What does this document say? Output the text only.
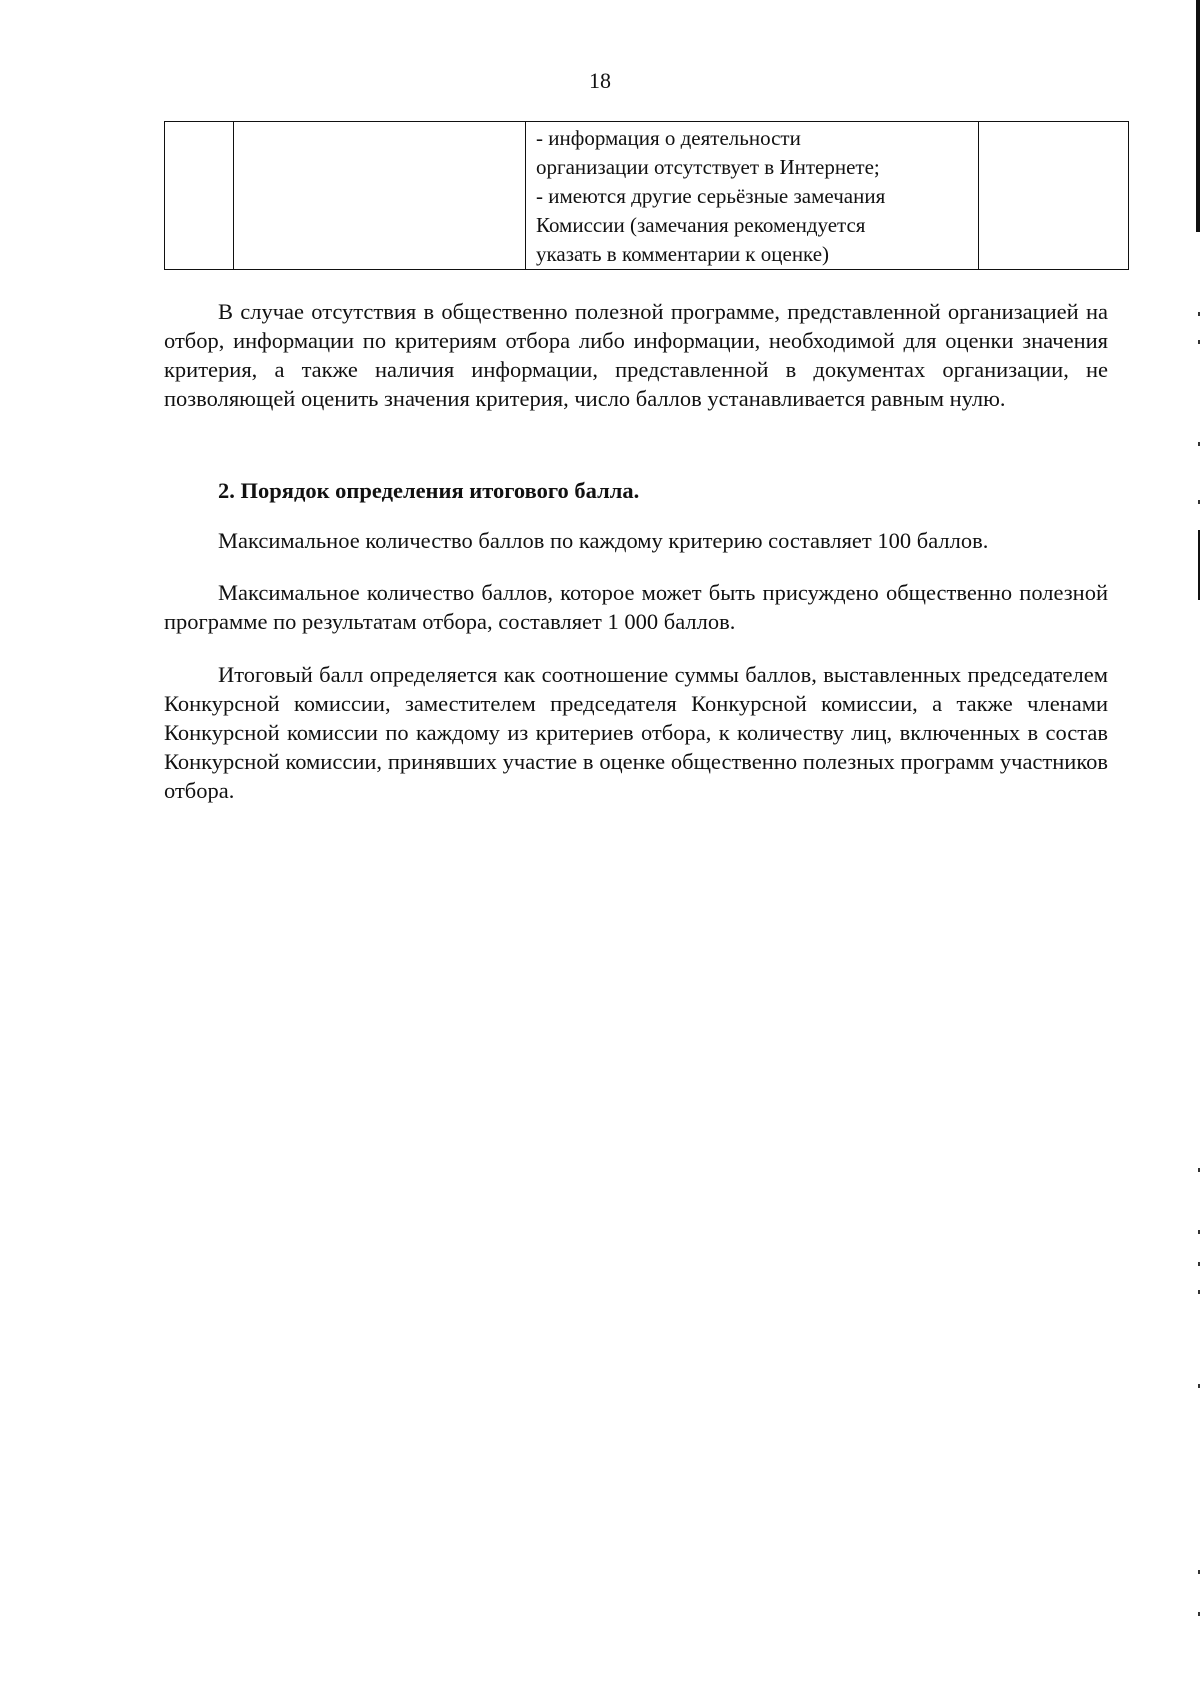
18

- информация о деятельности
организации отсутствует в Интернете;
- имеются другие серьёзные замечания
Комиссии (замечания рекомендуется
указать в комментарии к оценке)

В случае отсутствия в общественно полезной программе, представленной организацией на отбор, информации по критериям отбора либо информации, необходимой для оценки значения критерия, а также наличия информации, представленной в документах организации, не позволяющей оценить значения критерия, число баллов устанавливается равным нулю.

2. Порядок определения итогового балла.

Максимальное количество баллов по каждому критерию составляет 100 баллов.

Максимальное количество баллов, которое может быть присуждено общественно полезной программе по результатам отбора, составляет 1 000 баллов.

Итоговый балл определяется как соотношение суммы баллов, выставленных председателем Конкурсной комиссии, заместителем председателя Конкурсной комиссии, а также членами Конкурсной комиссии по каждому из критериев отбора, к количеству лиц, включенных в состав Конкурсной комиссии, принявших участие в оценке общественно полезных программ участников отбора.
